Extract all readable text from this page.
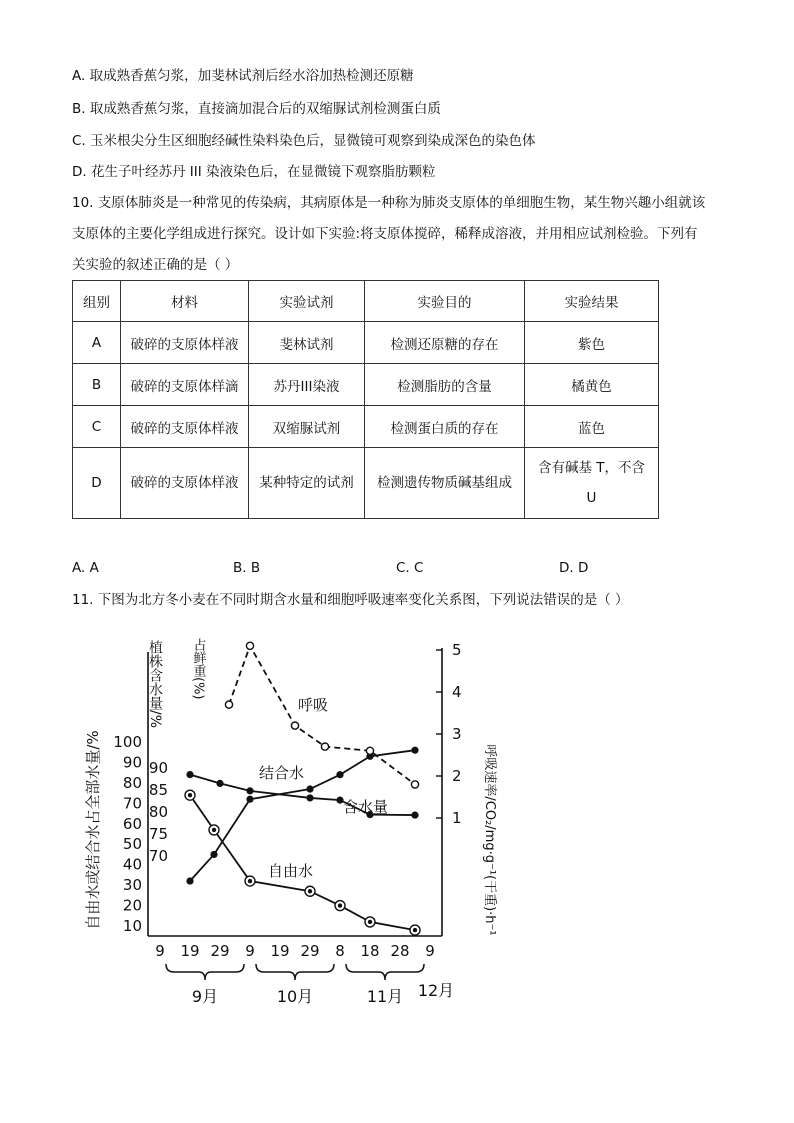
A. 取成熟香蕉匀浆，加斐林试剂后经水浴加热检测还原糖
B. 取成熟香蕉匀浆，直接滴加混合后的双缩脲试剂检测蛋白质
C. 玉米根尖分生区细胞经碱性染料染色后，显微镜可观察到染成深色的染色体
D. 花生子叶经苏丹 III 染液染色后，在显微镜下观察脂肪颗粒
10. 支原体肺炎是一种常见的传染病，其病原体是一种称为肺炎支原体的单细胞生物，某生物兴趣小组就该
支原体的主要化学组成进行探究。设计如下实验:将支原体搅碎，稀释成溶液，并用相应试剂检验。下列有
关实验的叙述正确的是（ ）
组别	材料	实验试剂	实验目的	实验结果
A	破碎的支原体样液	斐林试剂	检测还原糖的存在	紫色
B	破碎的支原体样滴	苏丹III染液	检测脂肪的含量	橘黄色
C	破碎的支原体样液	双缩脲试剂	检测蛋白质的存在	蓝色
D	破碎的支原体样液	某种特定的试剂	检测遗传物质碱基组成	含有碱基 T，不含
U
A. A	B. B	C. C	D. D
11. 下图为北方冬小麦在不同时期含水量和细胞呼吸速率变化关系图，下列说法错误的是（ ）
自由水或结合水占全部水量/%
植株含水量/% 占鲜重(%)
呼吸速率/CO₂/mg·g⁻¹(干重)·h⁻¹
100
90
80
70
60
50
40
30
20
10
90
85
80
75
70
5
4
3
2
1
9 19 29 9 19 29 8 18 28 9
9月	10月	11月 12月
含水量
结合水
自由水
呼吸
